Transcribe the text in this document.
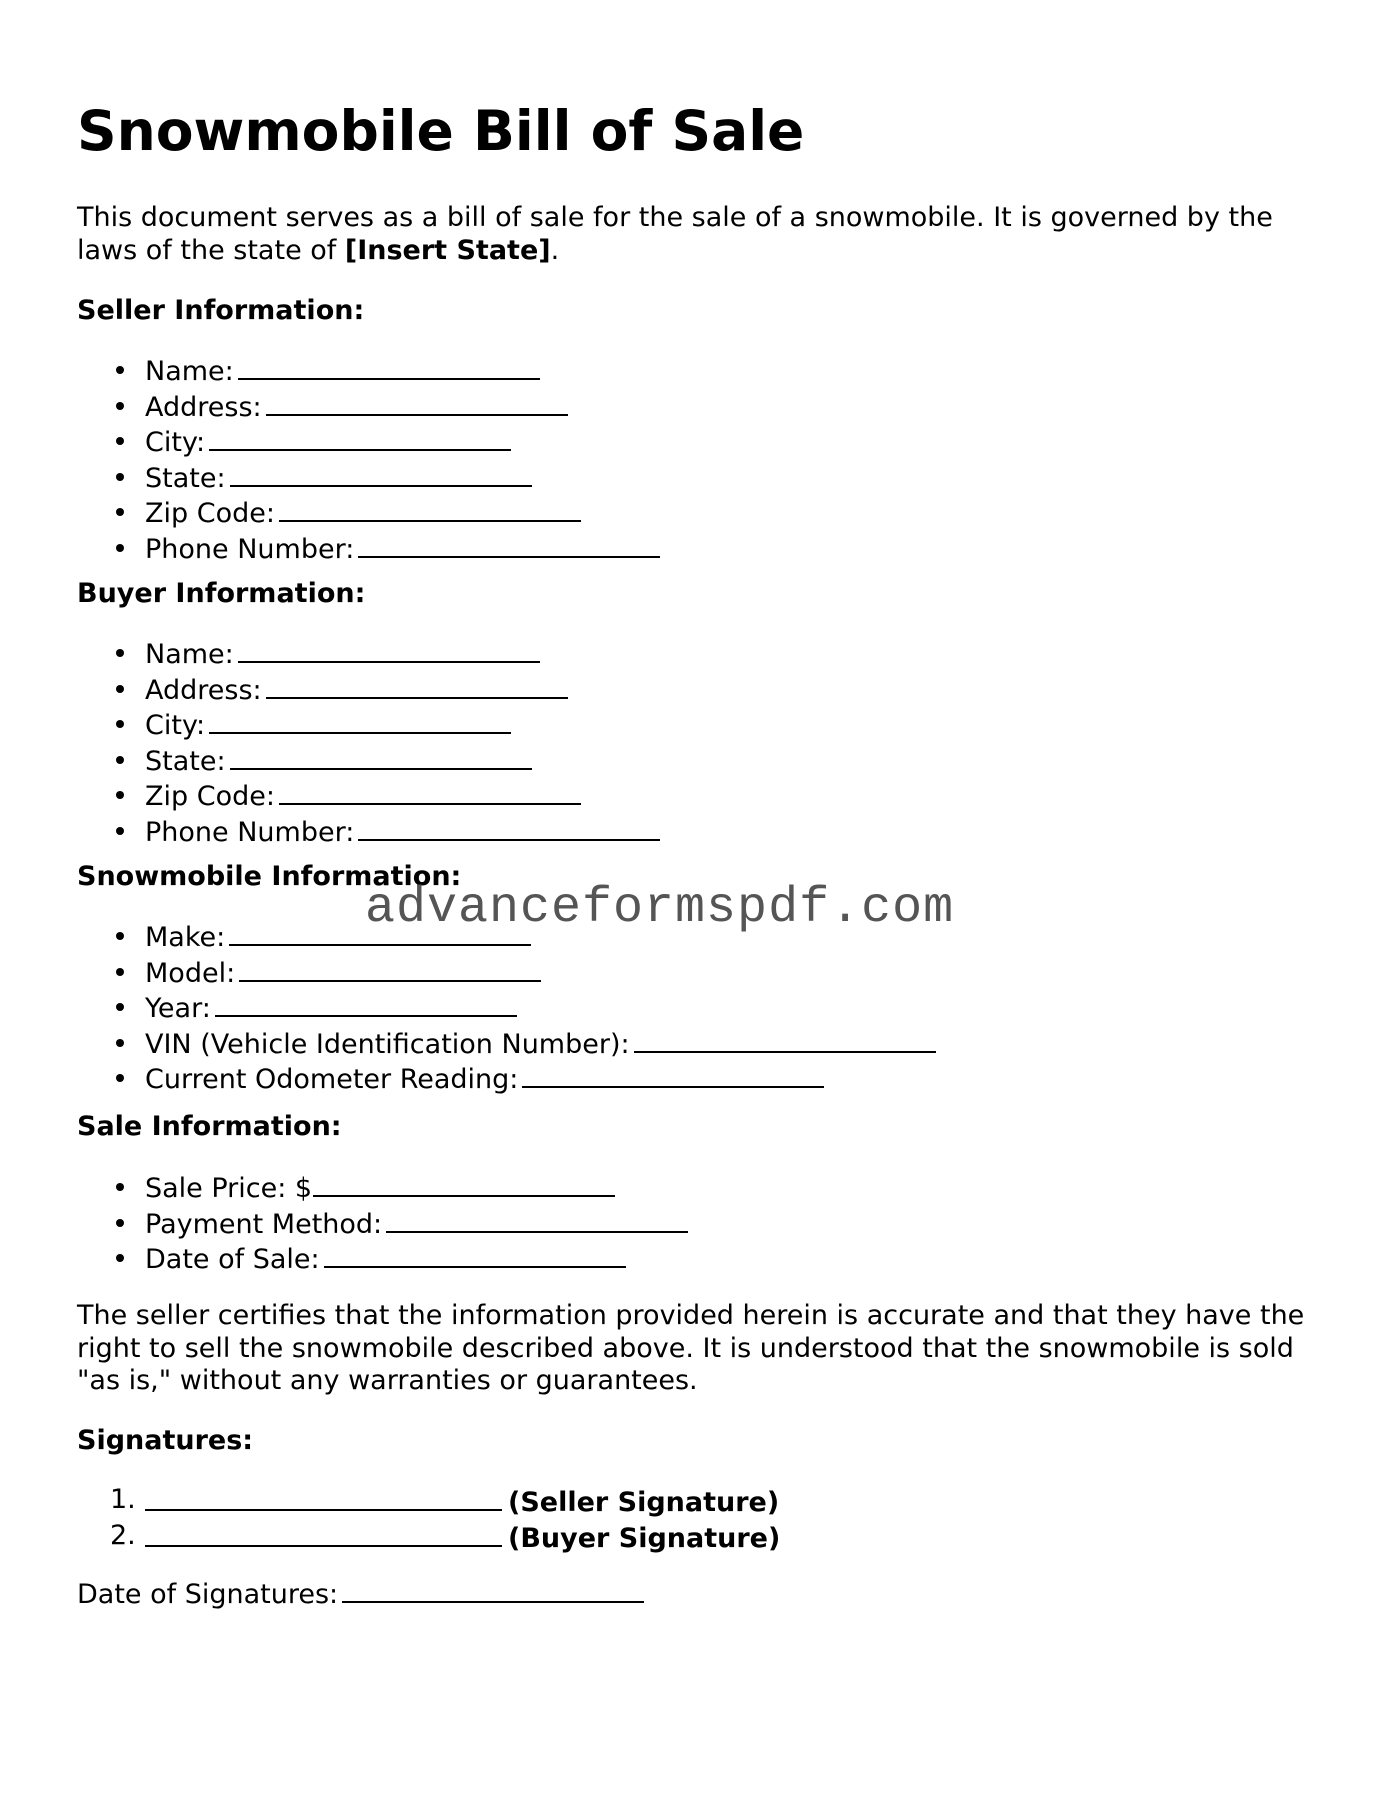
Snowmobile Bill of Sale

This document serves as a bill of sale for the sale of a snowmobile. It is governed by the laws of the state of [Insert State].

Seller Information:
Name:
Address:
City:
State:
Zip Code:
Phone Number:
Buyer Information:
Name:
Address:
City:
State:
Zip Code:
Phone Number:
Snowmobile Information:
Make:
Model:
Year:
VIN (Vehicle Identification Number):
Current Odometer Reading:
Sale Information:
Sale Price: $
Payment Method:
Date of Sale:

The seller certifies that the information provided herein is accurate and that they have the right to sell the snowmobile described above. It is understood that the snowmobile is sold "as is," without any warranties or guarantees.

Signatures:
1.	(Seller Signature)
2.	(Buyer Signature)

Date of Signatures:

advanceformspdf.com
